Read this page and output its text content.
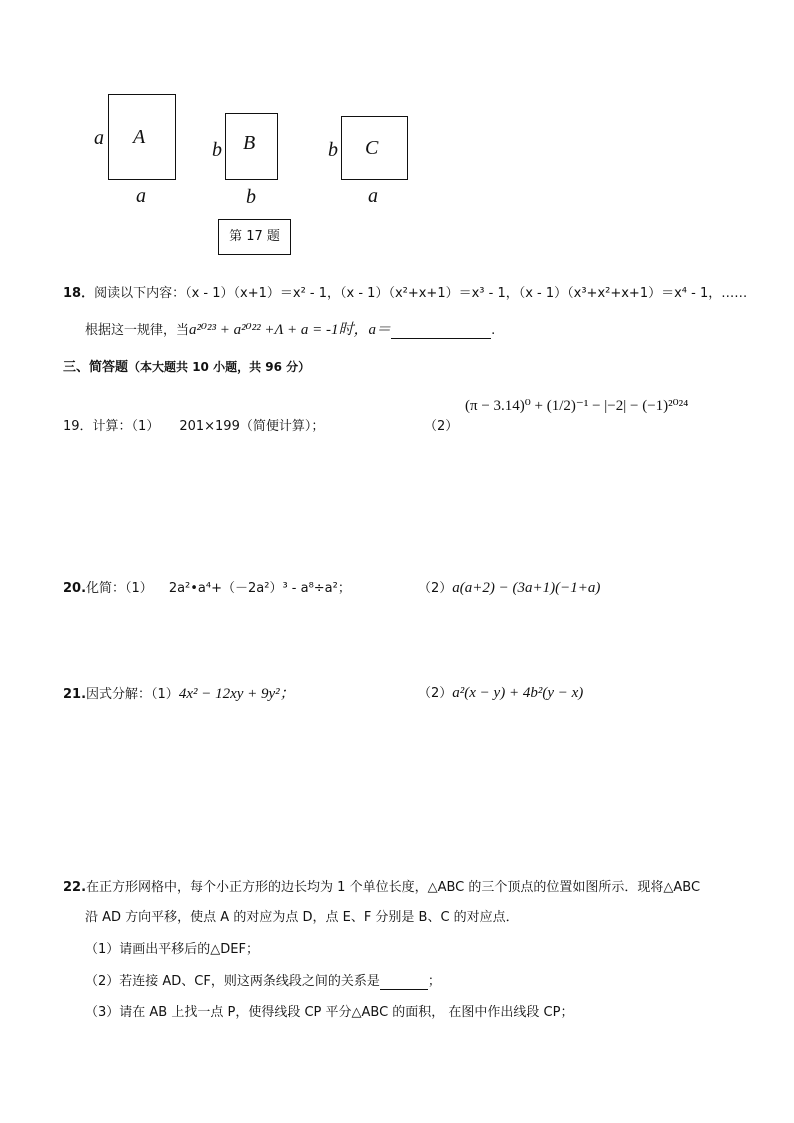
A
a
a
B
b
b
C
b
a
第 17 题
18．阅读以下内容：（x - 1）（x+1）＝x² - 1，（x - 1）（x²+x+1）＝x³ - 1，（x - 1）（x³+x²+x+1）＝x⁴ - 1，……
根据这一规律，当a²⁰²³ + a²⁰²² +Λ + a = -1时，a＝	.
三、简答题（本大题共 10 小题，共 96 分）
19．计算：（1） 201×199（简便计算）；	（2）
(π − 3.14)⁰ + (1/2)⁻¹ − |−2| − (−1)²⁰²⁴
20.化简：（1） 2a²•a⁴+（－2a²）³ - a⁸÷a²；	（2）a(a+2) − (3a+1)(−1+a)
21.因式分解：（1）4x² − 12xy + 9y²；	（2）a²(x − y) + 4b²(y − x)
22.在正方形网格中，每个小正方形的边长均为 1 个单位长度，△ABC 的三个顶点的位置如图所示．现将△ABC
沿 AD 方向平移，使点 A 的对应为点 D，点 E、F 分别是 B、C 的对应点．
（1）请画出平移后的△DEF；
（2）若连接 AD、CF，则这两条线段之间的关系是	；
（3）请在 AB 上找一点 P，使得线段 CP 平分△ABC 的面积， 在图中作出线段 CP；
